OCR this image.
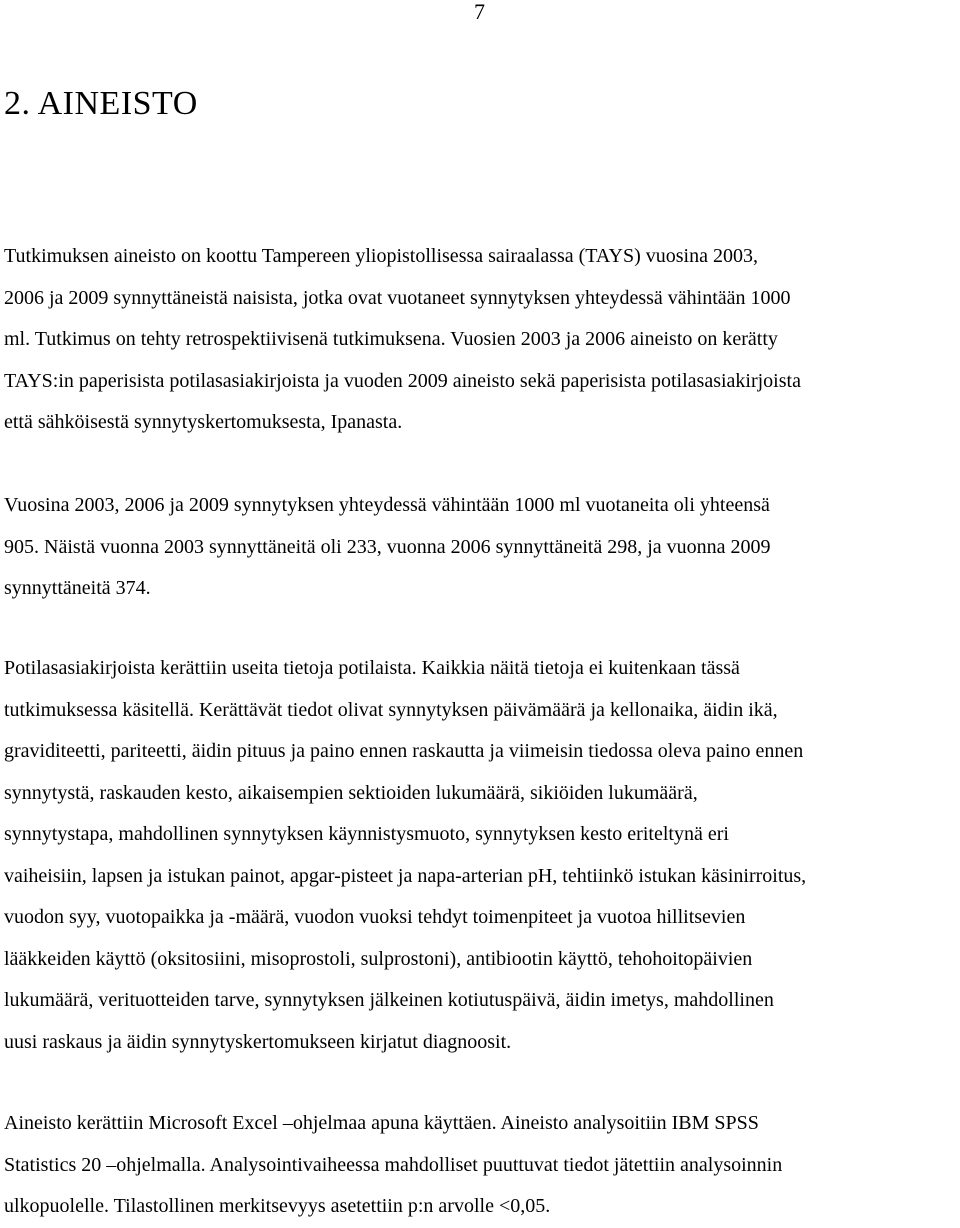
7
2. AINEISTO

Tutkimuksen aineisto on koottu Tampereen yliopistollisessa sairaalassa (TAYS) vuosina 2003,
2006 ja 2009 synnyttäneistä naisista, jotka ovat vuotaneet synnytyksen yhteydessä vähintään 1000
ml. Tutkimus on tehty retrospektiivisenä tutkimuksena. Vuosien 2003 ja 2006 aineisto on kerätty
TAYS:in paperisista potilasasiakirjoista ja vuoden 2009 aineisto sekä paperisista potilasasiakirjoista
että sähköisestä synnytyskertomuksesta, Ipanasta.

Vuosina 2003, 2006 ja 2009 synnytyksen yhteydessä vähintään 1000 ml vuotaneita oli yhteensä
905. Näistä vuonna 2003 synnyttäneitä oli 233, vuonna 2006 synnyttäneitä 298, ja vuonna 2009
synnyttäneitä 374.

Potilasasiakirjoista kerättiin useita tietoja potilaista. Kaikkia näitä tietoja ei kuitenkaan tässä
tutkimuksessa käsitellä. Kerättävät tiedot olivat synnytyksen päivämäärä ja kellonaika, äidin ikä,
graviditeetti, pariteetti, äidin pituus ja paino ennen raskautta ja viimeisin tiedossa oleva paino ennen
synnytystä, raskauden kesto, aikaisempien sektioiden lukumäärä, sikiöiden lukumäärä,
synnytystapa, mahdollinen synnytyksen käynnistysmuoto, synnytyksen kesto eriteltynä eri
vaiheisiin, lapsen ja istukan painot, apgar-pisteet ja napa-arterian pH, tehtiinkö istukan käsinirroitus,
vuodon syy, vuotopaikka ja -määrä, vuodon vuoksi tehdyt toimenpiteet ja vuotoa hillitsevien
lääkkeiden käyttö (oksitosiini, misoprostoli, sulprostoni), antibiootin käyttö, tehohoitopäivien
lukumäärä, verituotteiden tarve, synnytyksen jälkeinen kotiutuspäivä, äidin imetys, mahdollinen
uusi raskaus ja äidin synnytyskertomukseen kirjatut diagnoosit.

Aineisto kerättiin Microsoft Excel –ohjelmaa apuna käyttäen. Aineisto analysoitiin IBM SPSS
Statistics 20 –ohjelmalla. Analysointivaiheessa mahdolliset puuttuvat tiedot jätettiin analysoinnin
ulkopuolelle. Tilastollinen merkitsevyys asetettiin p:n arvolle <0,05.
